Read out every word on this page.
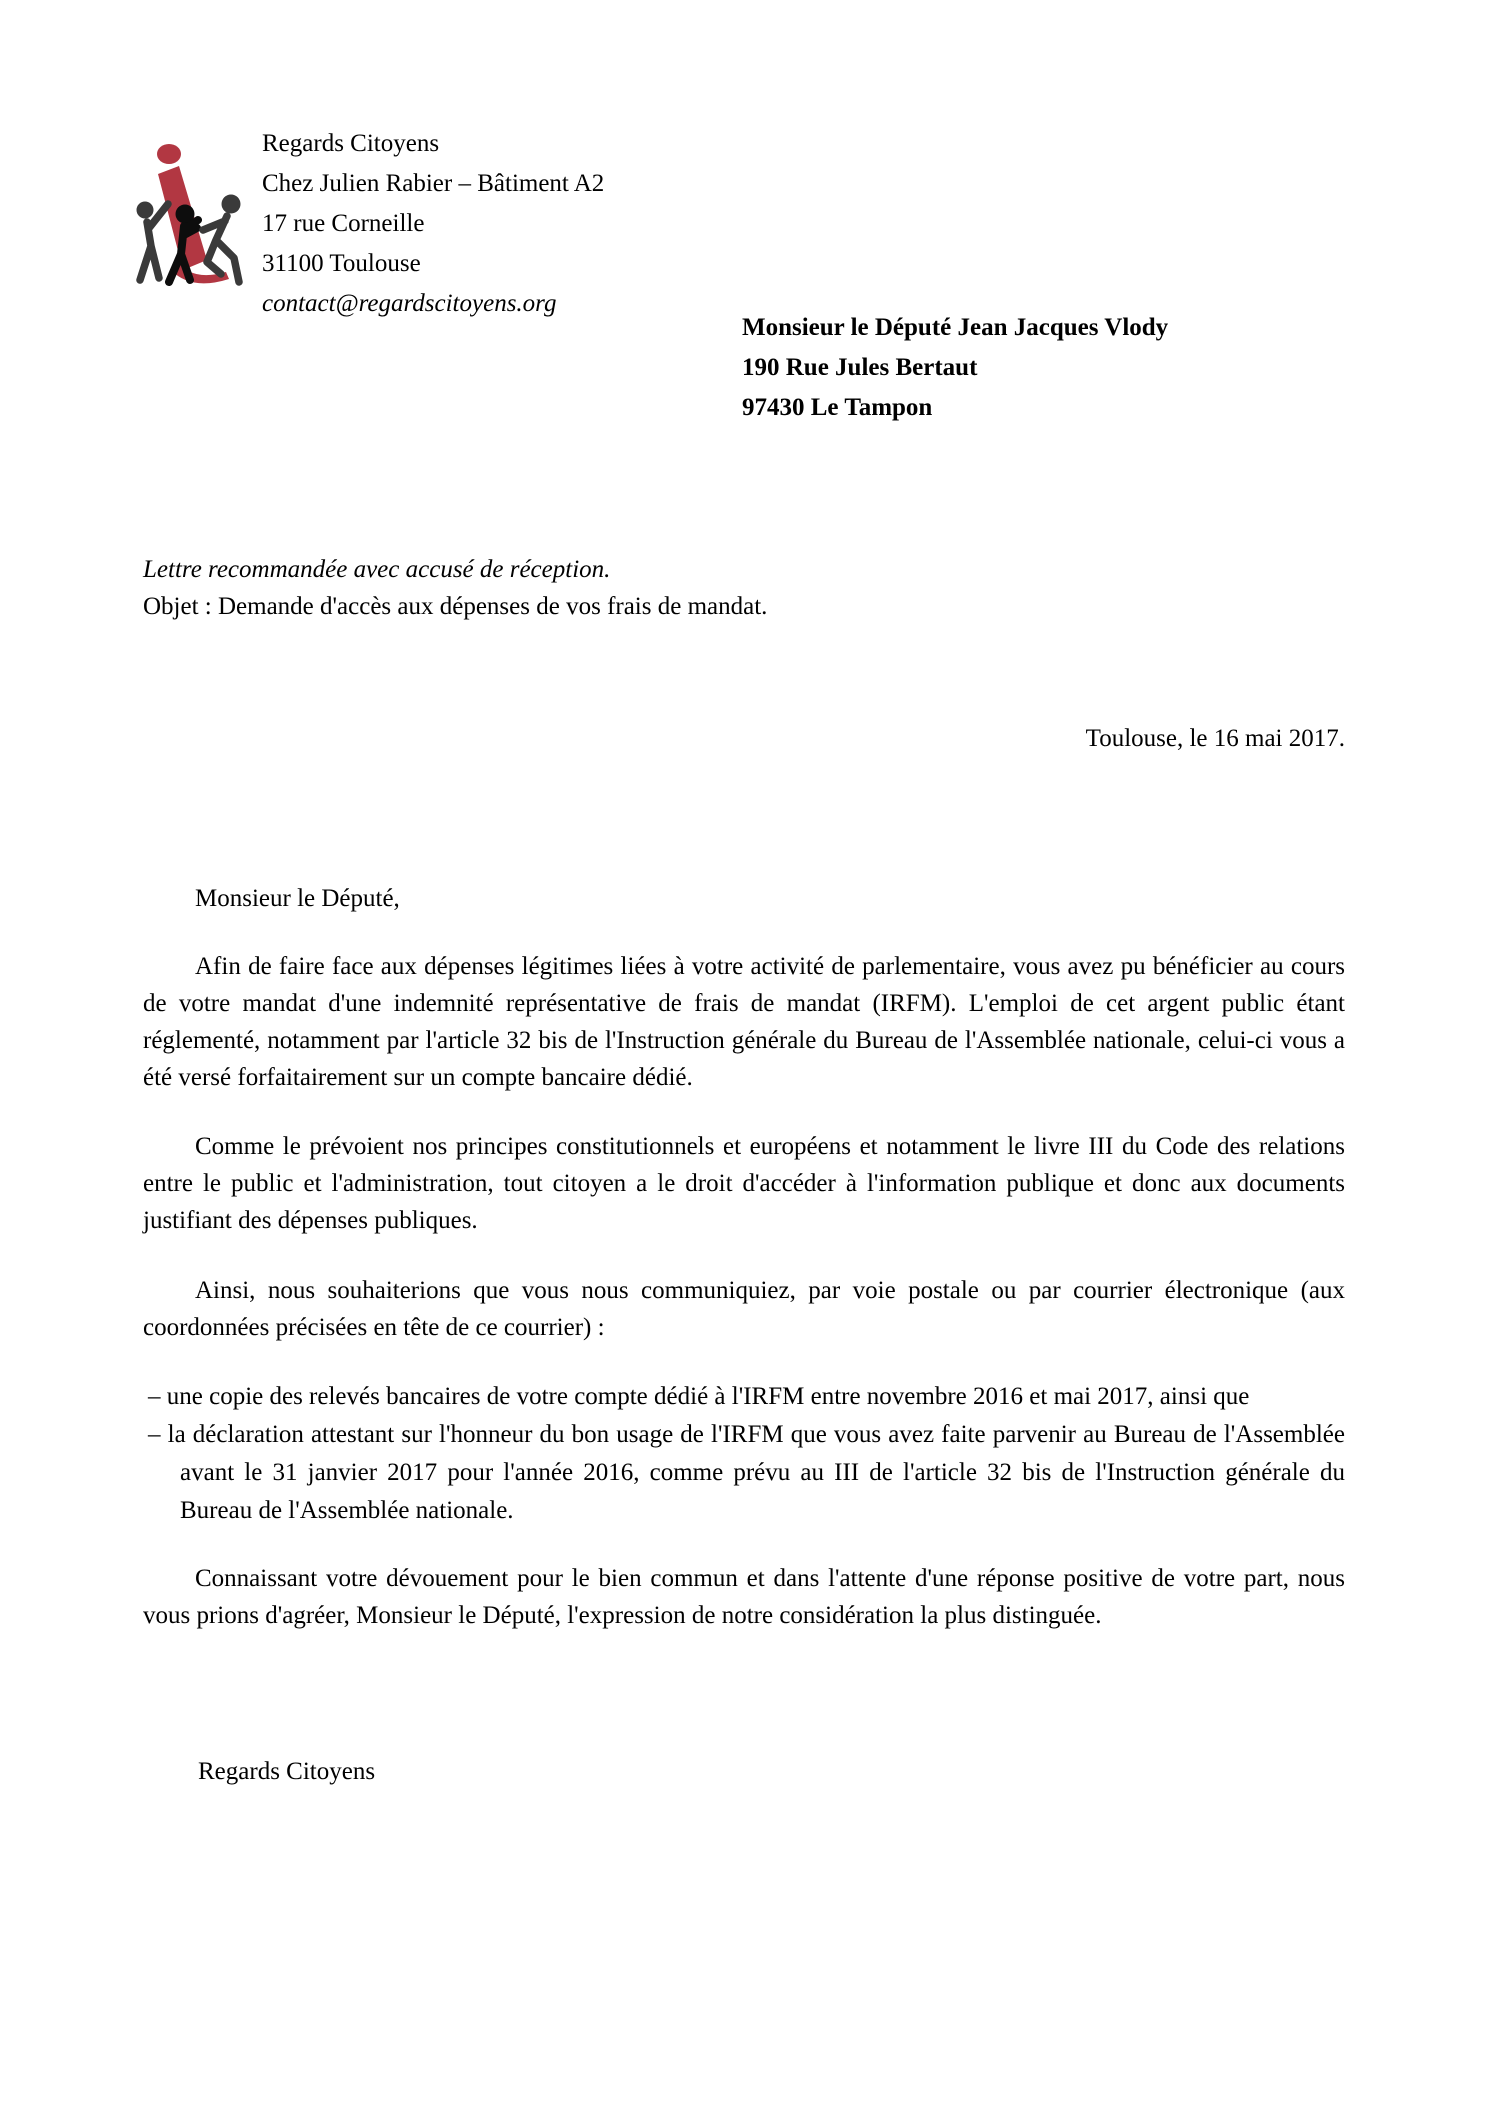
Regards Citoyens
Chez Julien Rabier – Bâtiment A2
17 rue Corneille
31100 Toulouse
contact@regardscitoyens.org
Monsieur le Député Jean Jacques Vlody
190 Rue Jules Bertaut
97430 Le Tampon
Lettre recommandée avec accusé de réception.
Objet : Demande d'accès aux dépenses de vos frais de mandat.
Toulouse, le 16 mai 2017.
Monsieur le Député,
Afin de faire face aux dépenses légitimes liées à votre activité de parlementaire, vous avez pu bénéficier au cours de votre mandat d'une indemnité représentative de frais de mandat (IRFM). L'emploi de cet argent public étant réglementé, notamment par l'article 32 bis de l'Instruction générale du Bureau de l'Assemblée nationale, celui-ci vous a été versé forfaitairement sur un compte bancaire dédié.
Comme le prévoient nos principes constitutionnels et européens et notamment le livre III du Code des relations entre le public et l'administration, tout citoyen a le droit d'accéder à l'information publique et donc aux documents justifiant des dépenses publiques.
Ainsi, nous souhaiterions que vous nous communiquiez, par voie postale ou par courrier électronique (aux coordonnées précisées en tête de ce courrier) :
– une copie des relevés bancaires de votre compte dédié à l'IRFM entre novembre 2016 et mai 2017, ainsi que
– la déclaration attestant sur l'honneur du bon usage de l'IRFM que vous avez faite parvenir au Bureau de l'Assemblée avant le 31 janvier 2017 pour l'année 2016, comme prévu au III de l'article 32 bis de l'Instruction générale du Bureau de l'Assemblée nationale.
Connaissant votre dévouement pour le bien commun et dans l'attente d'une réponse positive de votre part, nous vous prions d'agréer, Monsieur le Député, l'expression de notre considération la plus distinguée.
Regards Citoyens
